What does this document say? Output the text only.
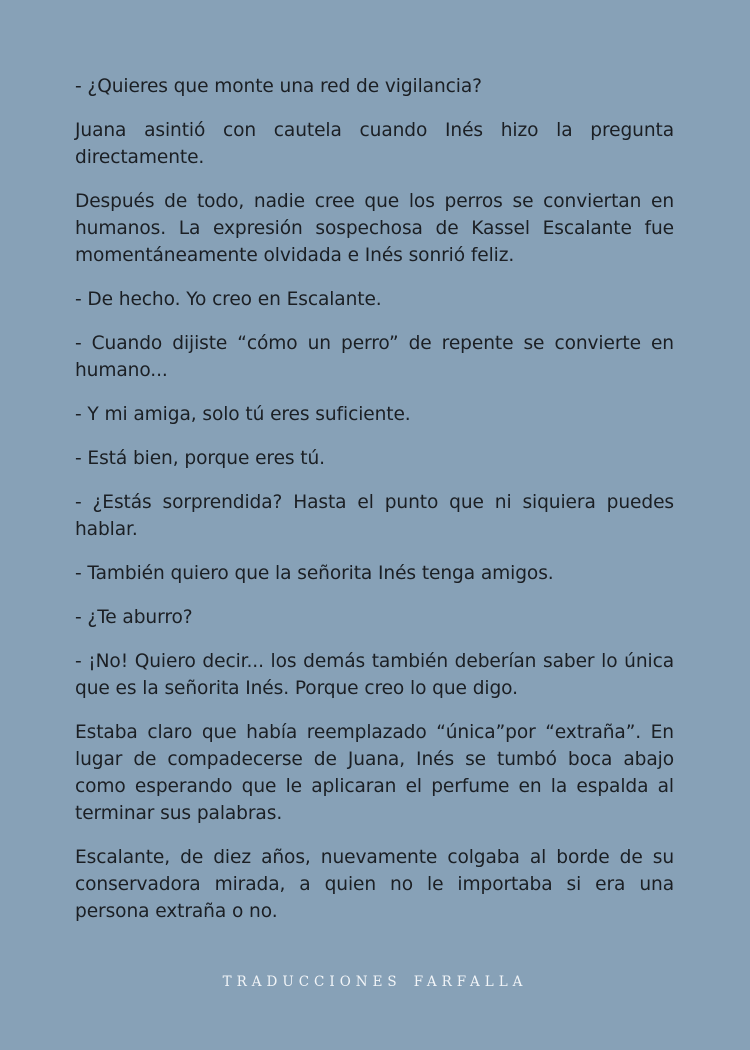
- ¿Quieres que monte una red de vigilancia?

Juana asintió con cautela cuando Inés hizo la pregunta directamente.

Después de todo, nadie cree que los perros se conviertan en humanos. La expresión sospechosa de Kassel Escalante fue momentáneamente olvidada e Inés sonrió feliz.

- De hecho. Yo creo en Escalante.

- Cuando dijiste “cómo un perro” de repente se convierte en humano...

- Y mi amiga, solo tú eres suficiente.

- Está bien, porque eres tú.

- ¿Estás sorprendida? Hasta el punto que ni siquiera puedes hablar.

- También quiero que la señorita Inés tenga amigos.

- ¿Te aburro?

- ¡No! Quiero decir... los demás también deberían saber lo única que es la señorita Inés. Porque creo lo que digo.

Estaba claro que había reemplazado “única”por “extraña”. En lugar de compadecerse de Juana, Inés se tumbó boca abajo como esperando que le aplicaran el perfume en la espalda al terminar sus palabras.

Escalante, de diez años, nuevamente colgaba al borde de su conservadora mirada, a quien no le importaba si era una persona extraña o no.

TRADUCCIONES FARFALLA
